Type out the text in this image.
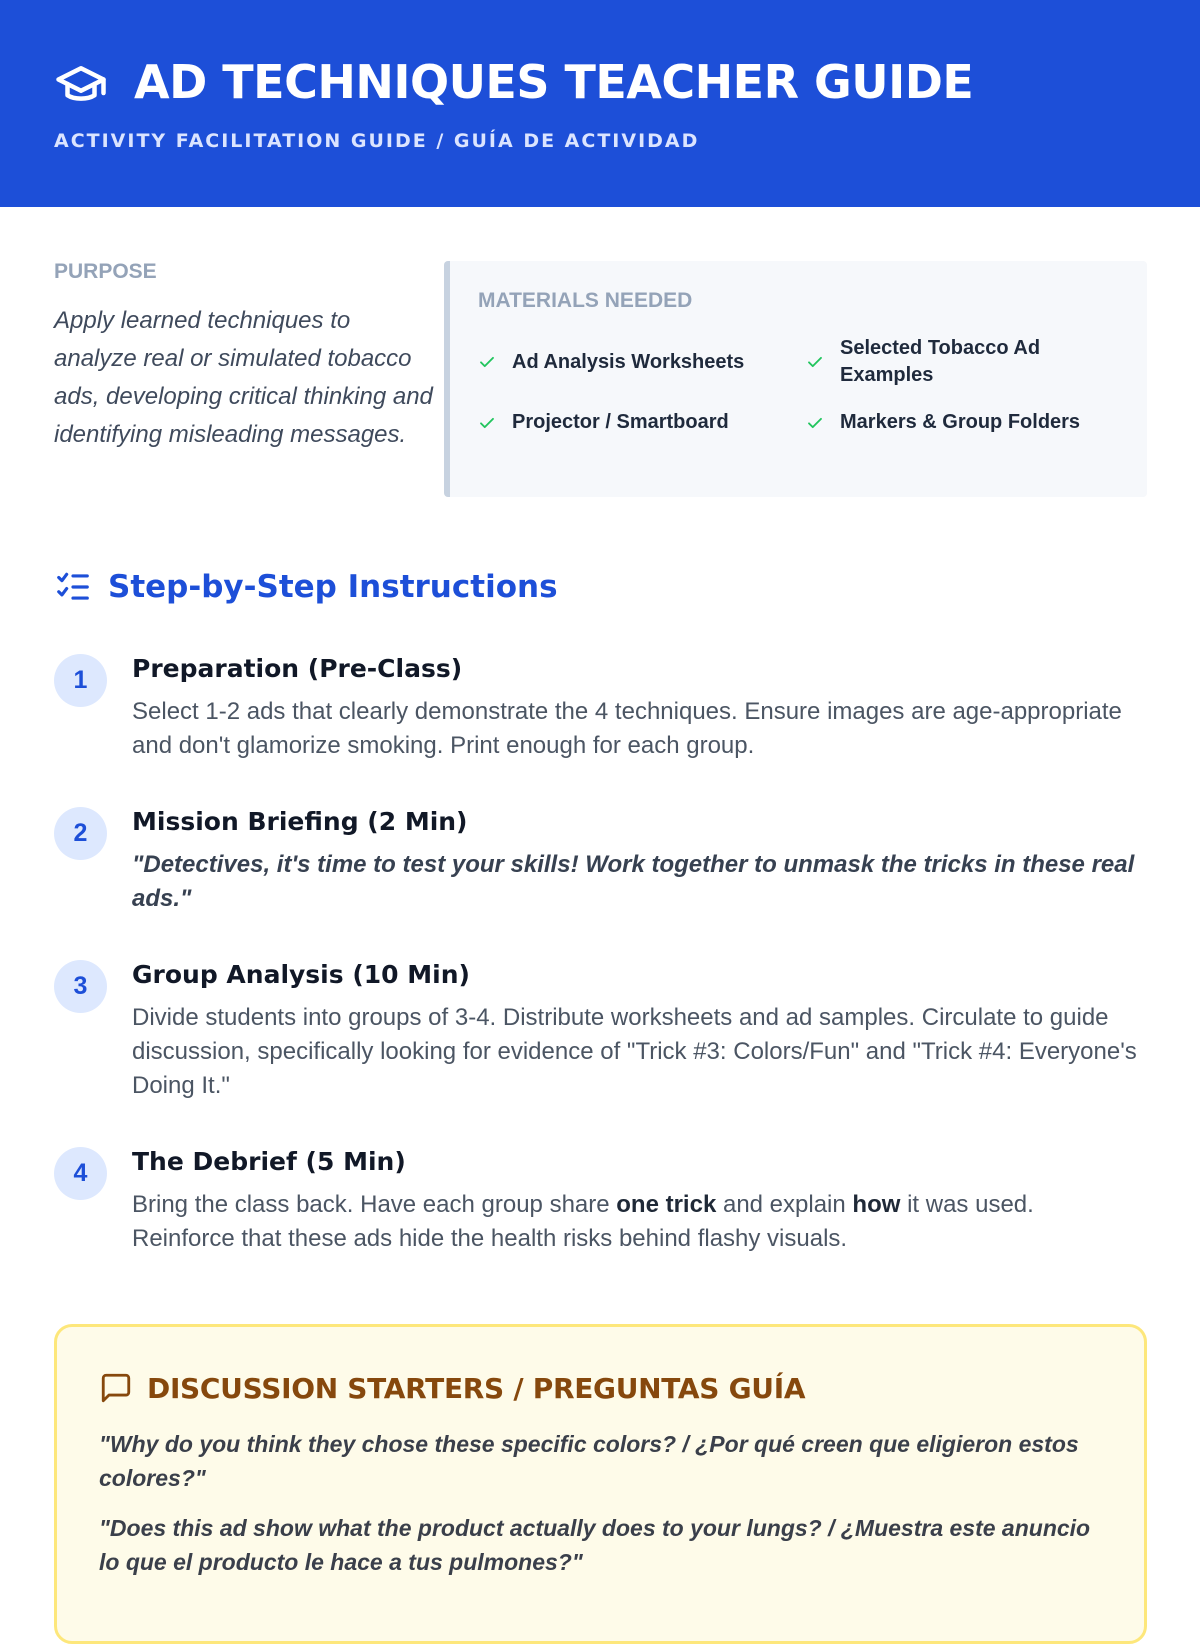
AD TECHNIQUES TEACHER GUIDE
ACTIVITY FACILITATION GUIDE / GUÍA DE ACTIVIDAD
PURPOSE
Apply learned techniques to analyze real or simulated tobacco ads, developing critical thinking and identifying misleading messages.
MATERIALS NEEDED
Ad Analysis Worksheets
Selected Tobacco Ad Examples
Projector / Smartboard	Markers & Group Folders
Step-by-Step Instructions
1	Preparation (Pre-Class)
Select 1-2 ads that clearly demonstrate the 4 techniques. Ensure images are age-appropriate and don't glamorize smoking. Print enough for each group.
2	Mission Briefing (2 Min)
"Detectives, it's time to test your skills! Work together to unmask the tricks in these real ads."
3	Group Analysis (10 Min)
Divide students into groups of 3-4. Distribute worksheets and ad samples. Circulate to guide discussion, specifically looking for evidence of "Trick #3: Colors/Fun" and "Trick #4: Everyone's Doing It."
4	The Debrief (5 Min)
Bring the class back. Have each group share one trick and explain how it was used. Reinforce that these ads hide the health risks behind flashy visuals.
DISCUSSION STARTERS / PREGUNTAS GUÍA
"Why do you think they chose these specific colors? / ¿Por qué creen que eligieron estos colores?"
"Does this ad show what the product actually does to your lungs? / ¿Muestra este anuncio lo que el producto le hace a tus pulmones?"
